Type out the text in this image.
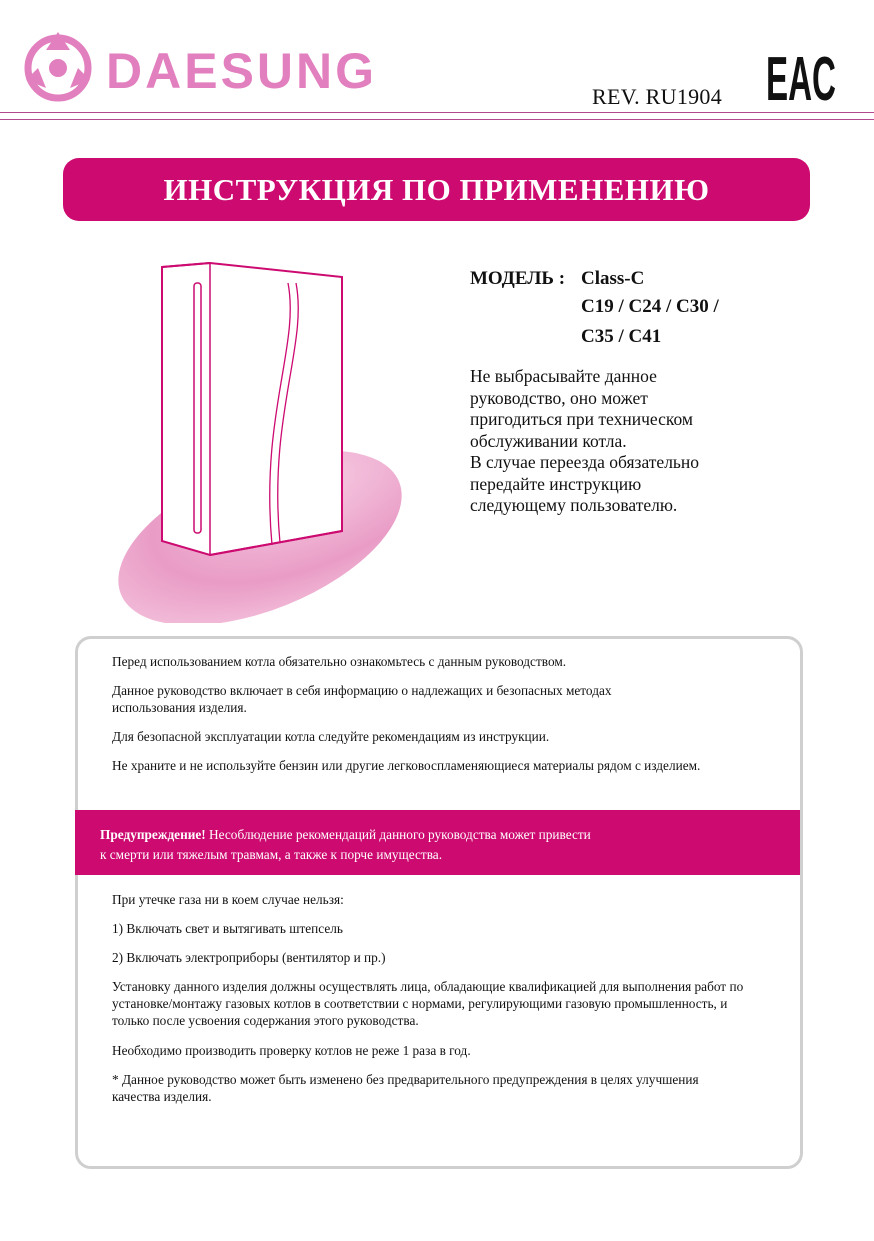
DAESUNG	REV. RU1904 EAC
ИНСТРУКЦИЯ ПО ПРИМЕНЕНИЮ
МОДЕЛЬ : Class-C
C19 / C24 / C30 /
C35 / C41
Не выбрасывайте данное
руководство, оно может
пригодиться при техническом
обслуживании котла.
В случае переезда обязательно
передайте инструкцию
следующему пользователю.
Перед использованием котла обязательно ознакомьтесь с данным руководством.
Данное руководство включает в себя информацию о надлежащих и безопасных методах использования изделия.
Для безопасной эксплуатации котла следуйте рекомендациям из инструкции.
Не храните и не используйте бензин или другие легковоспламеняющиеся материалы рядом с изделием.
Предупреждение! Несоблюдение рекомендаций данного руководства может привести
к смерти или тяжелым травмам, а также к порче имущества.
При утечке газа ни в коем случае нельзя:
1) Включать свет и вытягивать штепсель
2) Включать электроприборы (вентилятор и пр.)
Установку данного изделия должны осуществлять лица, обладающие квалификацией для выполнения работ по установке/монтажу газовых котлов в соответствии с нормами, регулирующими газовую промышленность, и только после усвоения содержания этого руководства.
Необходимо производить проверку котлов не реже 1 раза в год.
* Данное руководство может быть изменено без предварительного предупреждения в целях улучшения качества изделия.
